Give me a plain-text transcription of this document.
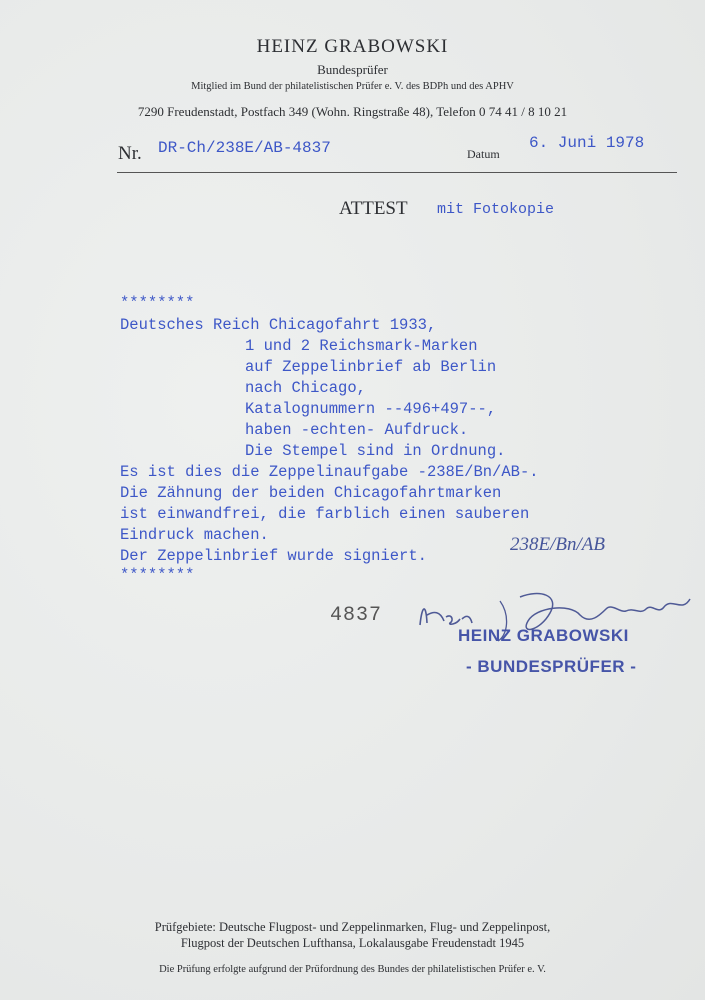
HEINZ GRABOWSKI
Bundesprüfer
Mitglied im Bund der philatelistischen Prüfer e. V. des BDPh und des APHV
7290 Freudenstadt, Postfach 349 (Wohn. Ringstraße 48), Telefon 0 74 41 / 8 10 21
Nr. DR-Ch/238E/AB-4837	Datum
6. Juni 1978
ATTEST mit Fotokopie
********
Deutsches Reich Chicagofahrt 1933,
1 und 2 Reichsmark-Marken
auf Zeppelinbrief ab Berlin
nach Chicago,
Katalognummern --496+497--,
haben -echten- Aufdruck.
Die Stempel sind in Ordnung.
Es ist dies die Zeppelinaufgabe -238E/Bn/AB-.
Die Zähnung der beiden Chicagofahrtmarken
ist einwandfrei, die farblich einen sauberen
Eindruck machen.
Der Zeppelinbrief wurde signiert.
********
238E/Bn/AB
4837
HEINZ GRABOWSKI
- BUNDESPRÜFER -
Prüfgebiete: Deutsche Flugpost- und Zeppelinmarken, Flug- und Zeppelinpost,
Flugpost der Deutschen Lufthansa, Lokalausgabe Freudenstadt 1945
Die Prüfung erfolgte aufgrund der Prüfordnung des Bundes der philatelistischen Prüfer e. V.
